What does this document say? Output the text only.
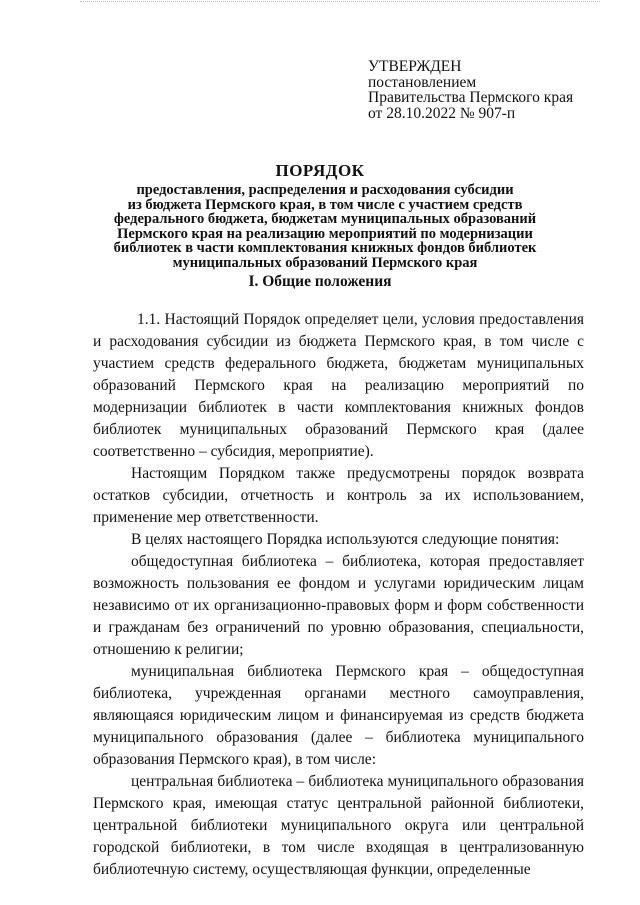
УТВЕРЖДЕН
постановлением
Правительства Пермского края
от 28.10.2022 № 907-п
ПОРЯДОК
предоставления, распределения и расходования субсидии
из бюджета Пермского края, в том числе с участием средств
федерального бюджета, бюджетам муниципальных образований
Пермского края на реализацию мероприятий по модернизации
библиотек в части комплектования книжных фондов библиотек
муниципальных образований Пермского края
I. Общие положения

1.1. Настоящий Порядок определяет цели, условия предоставления и расходования субсидии из бюджета Пермского края, в том числе с участием средств федерального бюджета, бюджетам муниципальных образований Пермского края на реализацию мероприятий по модернизации библиотек в части комплектования книжных фондов библиотек муниципальных образований Пермского края (далее соответственно – субсидия, мероприятие).

Настоящим Порядком также предусмотрены порядок возврата остатков субсидии, отчетность и контроль за их использованием, применение мер ответственности.

В целях настоящего Порядка используются следующие понятия:

общедоступная библиотека – библиотека, которая предоставляет возможность пользования ее фондом и услугами юридическим лицам независимо от их организационно-правовых форм и форм собственности и гражданам без ограничений по уровню образования, специальности, отношению к религии;

муниципальная библиотека Пермского края – общедоступная библиотека, учрежденная органами местного самоуправления, являющаяся юридическим лицом и финансируемая из средств бюджета муниципального образования (далее – библиотека муниципального образования Пермского края), в том числе:

центральная библиотека – библиотека муниципального образования Пермского края, имеющая статус центральной районной библиотеки, центральной библиотеки муниципального округа или центральной городской библиотеки, в том числе входящая в централизованную библиотечную систему, осуществляющая функции, определенные
